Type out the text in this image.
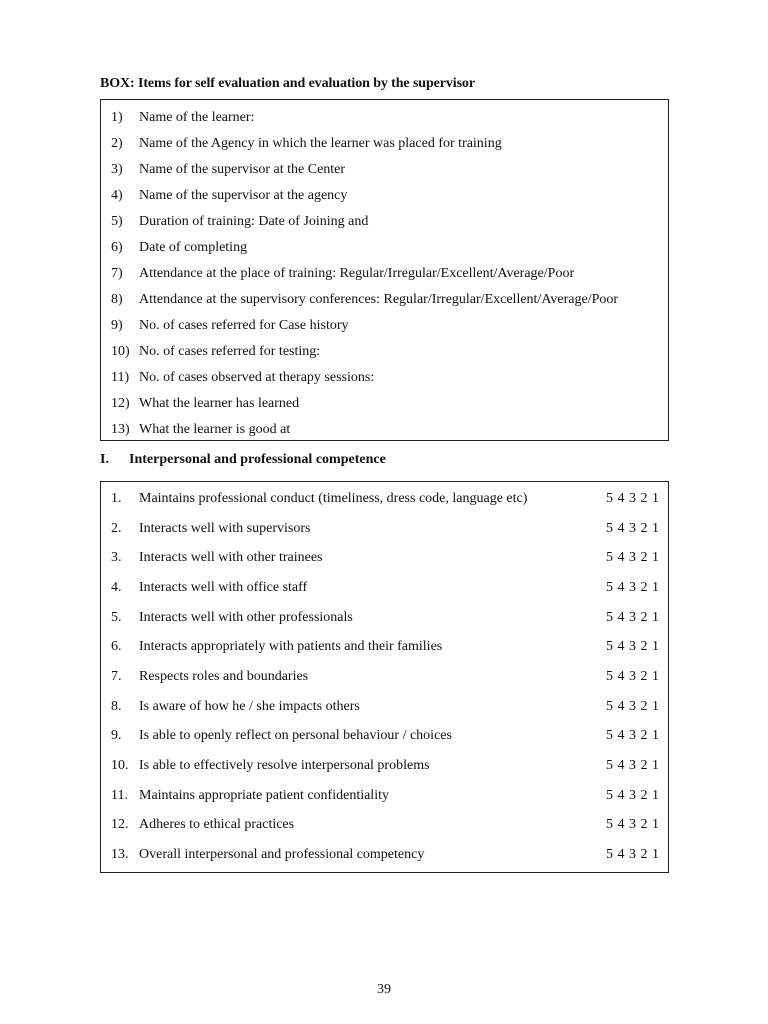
BOX: Items for self evaluation and evaluation by the supervisor
1)	Name of the learner:
2)	Name of the Agency in which the learner was placed for training
3)	Name of the supervisor at the Center
4)	Name of the supervisor at the agency
5)	Duration of training: Date of Joining and
6)	Date of completing
7)	Attendance at the place of training: Regular/Irregular/Excellent/Average/Poor
8)	Attendance at the supervisory conferences: Regular/Irregular/Excellent/Average/Poor
9)	No. of cases referred for Case history
10) No. of cases referred for testing:
11) No. of cases observed at therapy sessions:
12) What the learner has learned
13) What the learner is good at
I.	Interpersonal and professional competence
1.	Maintains professional conduct (timeliness, dress code, language etc)	5 4 3 2 1
2.	Interacts well with supervisors	5 4 3 2 1
3.	Interacts well with other trainees	5 4 3 2 1
4.	Interacts well with office staff	5 4 3 2 1
5.	Interacts well with other professionals	5 4 3 2 1
6.	Interacts appropriately with patients and their families	5 4 3 2 1
7.	Respects roles and boundaries	5 4 3 2 1
8.	Is aware of how he / she impacts others	5 4 3 2 1
9.	Is able to openly reflect on personal behaviour / choices	5 4 3 2 1
10. Is able to effectively resolve interpersonal problems	5 4 3 2 1
11. Maintains appropriate patient confidentiality	5 4 3 2 1
12. Adheres to ethical practices	5 4 3 2 1
13. Overall interpersonal and professional competency	5 4 3 2 1
39
